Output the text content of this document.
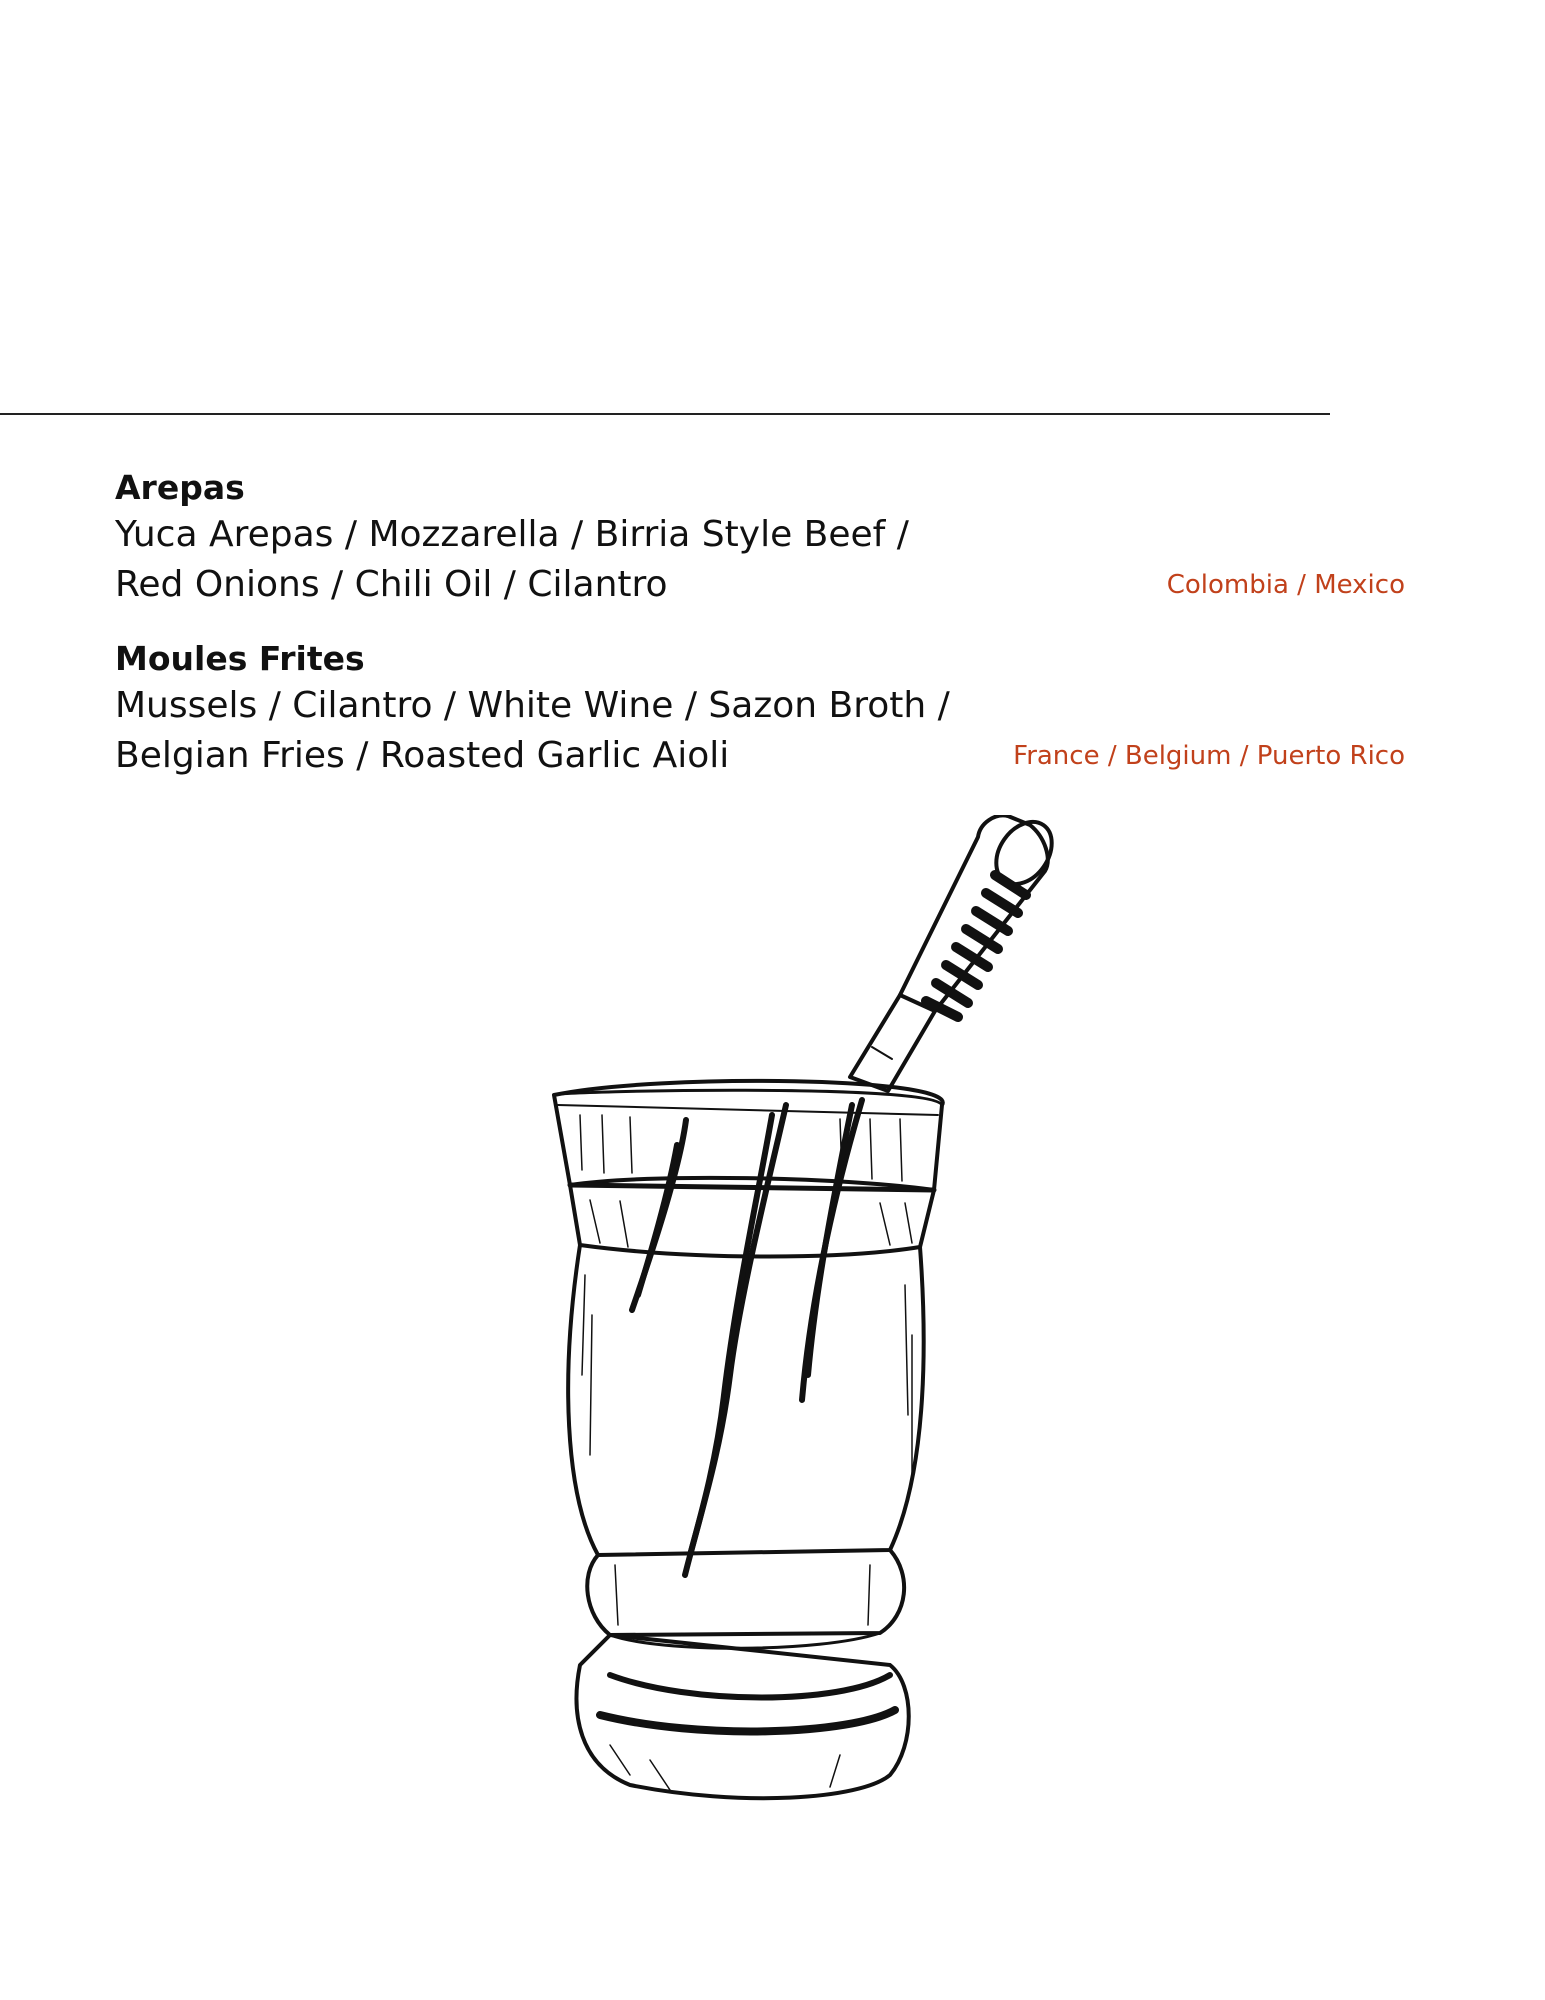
Arepas

Yuca Arepas / Mozzarella / Birria Style Beef /

Red Onions / Chili Oil / Cilantro	Colombia / Mexico

Moules Frites

Mussels / Cilantro / White Wine / Sazon Broth /

Belgian Fries / Roasted Garlic Aioli	France / Belgium / Puerto Rico
